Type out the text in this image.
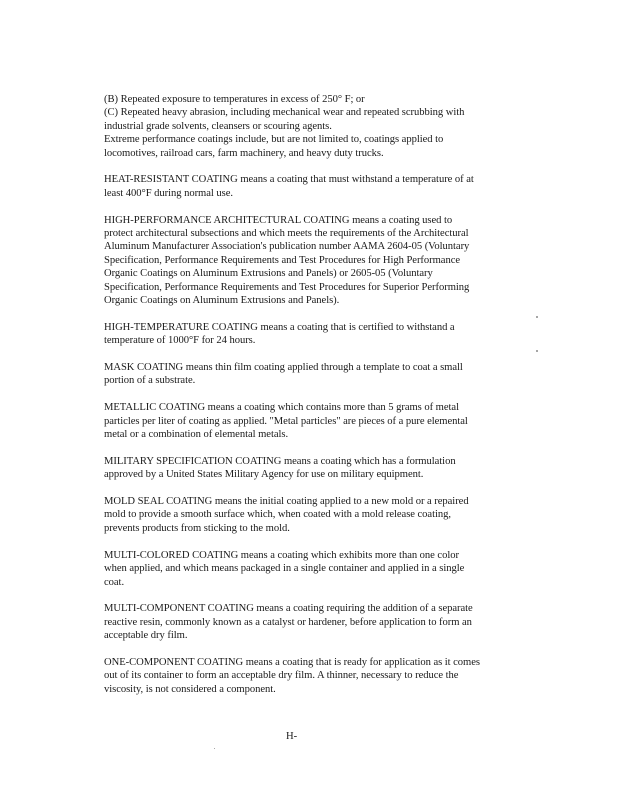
(B) Repeated exposure to temperatures in excess of 250° F; or
(C) Repeated heavy abrasion, including mechanical wear and repeated scrubbing with
industrial grade solvents, cleansers or scouring agents.
Extreme performance coatings include, but are not limited to, coatings applied to
locomotives, railroad cars, farm machinery, and heavy duty trucks.

HEAT-RESISTANT COATING means a coating that must withstand a temperature of at
least 400°F during normal use.

HIGH-PERFORMANCE ARCHITECTURAL COATING means a coating used to
protect architectural subsections and which meets the requirements of the Architectural
Aluminum Manufacturer Association's publication number AAMA 2604-05 (Voluntary
Specification, Performance Requirements and Test Procedures for High Performance
Organic Coatings on Aluminum Extrusions and Panels) or 2605-05 (Voluntary
Specification, Performance Requirements and Test Procedures for Superior Performing
Organic Coatings on Aluminum Extrusions and Panels).

HIGH-TEMPERATURE COATING means a coating that is certified to withstand a
temperature of 1000°F for 24 hours.

MASK COATING means thin film coating applied through a template to coat a small
portion of a substrate.

METALLIC COATING means a coating which contains more than 5 grams of metal
particles per liter of coating as applied. "Metal particles" are pieces of a pure elemental
metal or a combination of elemental metals.

MILITARY SPECIFICATION COATING means a coating which has a formulation
approved by a United States Military Agency for use on military equipment.

MOLD SEAL COATING means the initial coating applied to a new mold or a repaired
mold to provide a smooth surface which, when coated with a mold release coating,
prevents products from sticking to the mold.

MULTI-COLORED COATING means a coating which exhibits more than one color
when applied, and which means packaged in a single container and applied in a single
coat.

MULTI-COMPONENT COATING means a coating requiring the addition of a separate
reactive resin, commonly known as a catalyst or hardener, before application to form an
acceptable dry film.

ONE-COMPONENT COATING means a coating that is ready for application as it comes
out of its container to form an acceptable dry film. A thinner, necessary to reduce the
viscosity, is not considered a component.

H-
